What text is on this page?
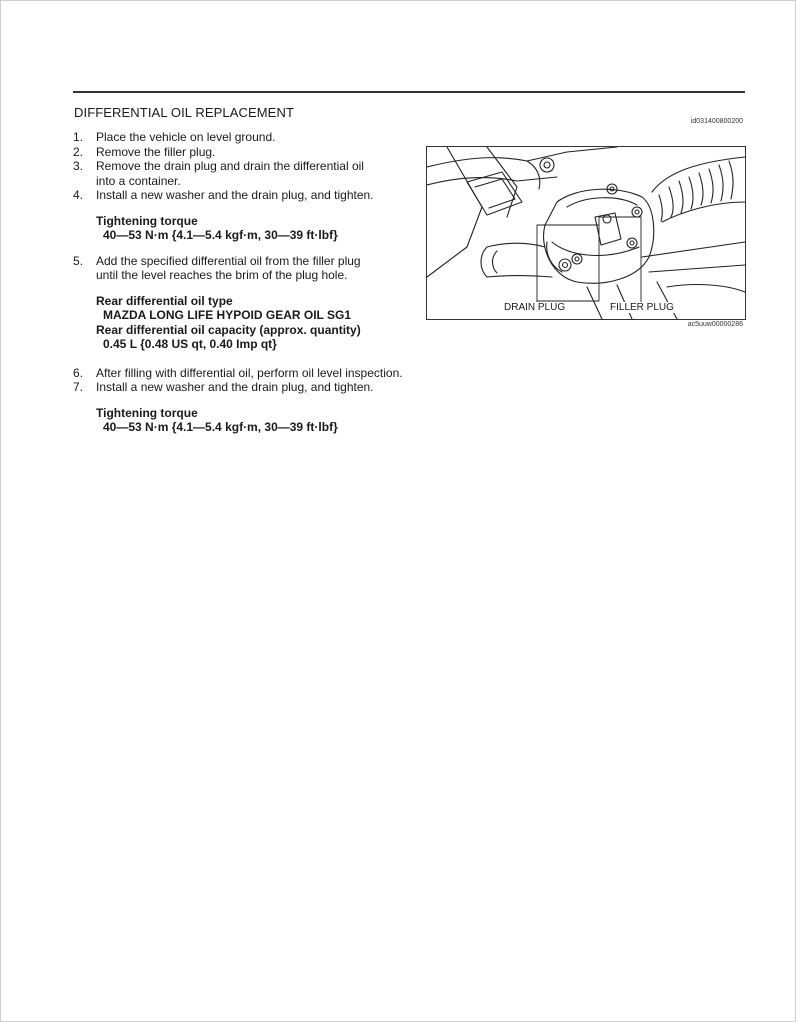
DIFFERENTIAL OIL REPLACEMENT
id031400800200
1. Place the vehicle on level ground.
2. Remove the filler plug.
3. Remove the drain plug and drain the differential oil
into a container.
4. Install a new washer and the drain plug, and tighten.
Tightening torque
40—53 N·m {4.1—5.4 kgf·m, 30—39 ft·lbf}
5. Add the specified differential oil from the filler plug
until the level reaches the brim of the plug hole.
Rear differential oil type
MAZDA LONG LIFE HYPOID GEAR OIL SG1
Rear differential oil capacity (approx. quantity)
0.45 L {0.48 US qt, 0.40 Imp qt}
6. After filling with differential oil, perform oil level inspection.
7. Install a new washer and the drain plug, and tighten.
Tightening torque
40—53 N·m {4.1—5.4 kgf·m, 30—39 ft·lbf}
DRAIN PLUG	FILLER PLUG
ac5uuw00000286
